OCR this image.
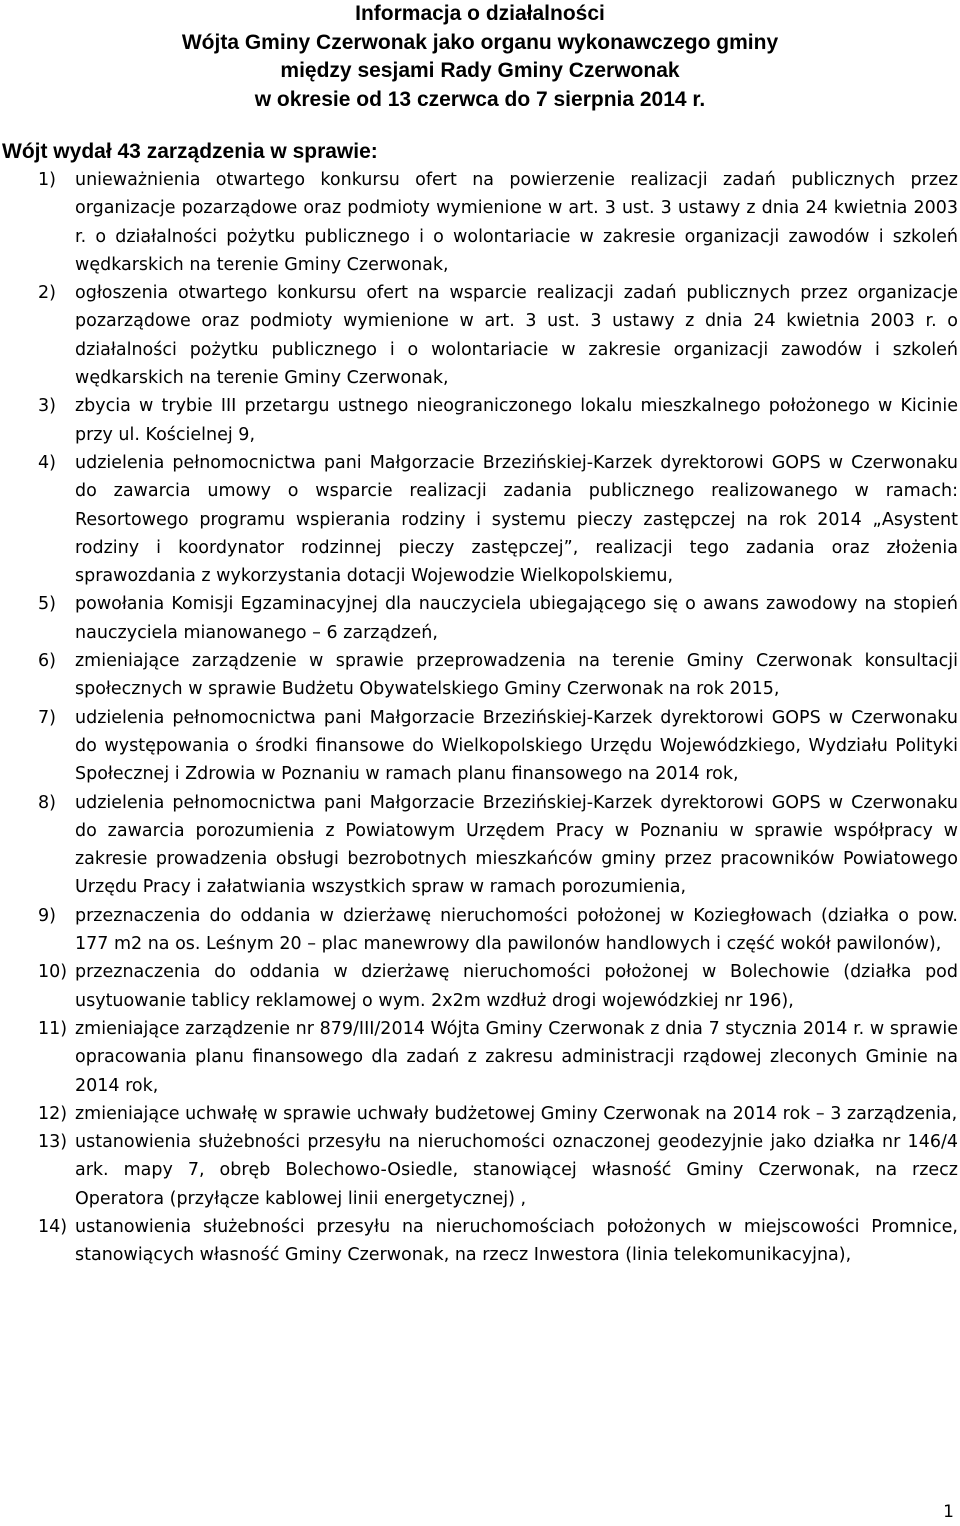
Informacja o działalności
Wójta Gminy Czerwonak jako organu wykonawczego gminy
między sesjami Rady Gminy Czerwonak
w okresie od 13 czerwca do 7 sierpnia 2014 r.
Wójt wydał 43 zarządzenia w sprawie:
1) unieważnienia otwartego konkursu ofert na powierzenie realizacji zadań publicznych przez organizacje pozarządowe oraz podmioty wymienione w art. 3 ust. 3 ustawy z dnia 24 kwietnia 2003 r. o działalności pożytku publicznego i o wolontariacie w zakresie organizacji zawodów i szkoleń wędkarskich na terenie Gminy Czerwonak,
2) ogłoszenia otwartego konkursu ofert na wsparcie realizacji zadań publicznych przez organizacje pozarządowe oraz podmioty wymienione w art. 3 ust. 3 ustawy z dnia 24 kwietnia 2003 r. o działalności pożytku publicznego i o wolontariacie w zakresie organizacji zawodów i szkoleń wędkarskich na terenie Gminy Czerwonak,
3) zbycia w trybie III przetargu ustnego nieograniczonego lokalu mieszkalnego położonego w Kicinie przy ul. Kościelnej 9,
4) udzielenia pełnomocnictwa pani Małgorzacie Brzezińskiej-Karzek dyrektorowi GOPS w Czerwonaku do zawarcia umowy o wsparcie realizacji zadania publicznego realizowanego w ramach: Resortowego programu wspierania rodziny i systemu pieczy zastępczej na rok 2014 „Asystent rodziny i koordynator rodzinnej pieczy zastępczej”, realizacji tego zadania oraz złożenia sprawozdania z wykorzystania dotacji Wojewodzie Wielkopolskiemu,
5) powołania Komisji Egzaminacyjnej dla nauczyciela ubiegającego się o awans zawodowy na stopień nauczyciela mianowanego – 6 zarządzeń,
6) zmieniające zarządzenie w sprawie przeprowadzenia na terenie Gminy Czerwonak konsultacji społecznych w sprawie Budżetu Obywatelskiego Gminy Czerwonak na rok 2015,
7) udzielenia pełnomocnictwa pani Małgorzacie Brzezińskiej-Karzek dyrektorowi GOPS w Czerwonaku do występowania o środki finansowe do Wielkopolskiego Urzędu Wojewódzkiego, Wydziału Polityki Społecznej i Zdrowia w Poznaniu w ramach planu finansowego na 2014 rok,
8) udzielenia pełnomocnictwa pani Małgorzacie Brzezińskiej-Karzek dyrektorowi GOPS w Czerwonaku do zawarcia porozumienia z Powiatowym Urzędem Pracy w Poznaniu w sprawie współpracy w zakresie prowadzenia obsługi bezrobotnych mieszkańców gminy przez pracowników Powiatowego Urzędu Pracy i załatwiania wszystkich spraw w ramach porozumienia,
9) przeznaczenia do oddania w dzierżawę nieruchomości położonej w Koziegłowach (działka o pow. 177 m2 na os. Leśnym 20 – plac manewrowy dla pawilonów handlowych i część wokół pawilonów),
10) przeznaczenia do oddania w dzierżawę nieruchomości położonej w Bolechowie (działka pod usytuowanie tablicy reklamowej o wym. 2x2m wzdłuż drogi wojewódzkiej nr 196),
11) zmieniające zarządzenie nr 879/III/2014 Wójta Gminy Czerwonak z dnia 7 stycznia 2014 r. w sprawie opracowania planu finansowego dla zadań z zakresu administracji rządowej zleconych Gminie na 2014 rok,
12) zmieniające uchwałę w sprawie uchwały budżetowej Gminy Czerwonak na 2014 rok – 3 zarządzenia,
13) ustanowienia służebności przesyłu na nieruchomości oznaczonej geodezyjnie jako działka nr 146/4 ark. mapy 7, obręb Bolechowo-Osiedle, stanowiącej własność Gminy Czerwonak, na rzecz Operatora (przyłącze kablowej linii energetycznej) ,
14) ustanowienia służebności przesyłu na nieruchomościach położonych w miejscowości Promnice, stanowiących własność Gminy Czerwonak, na rzecz Inwestora (linia telekomunikacyjna),
1
